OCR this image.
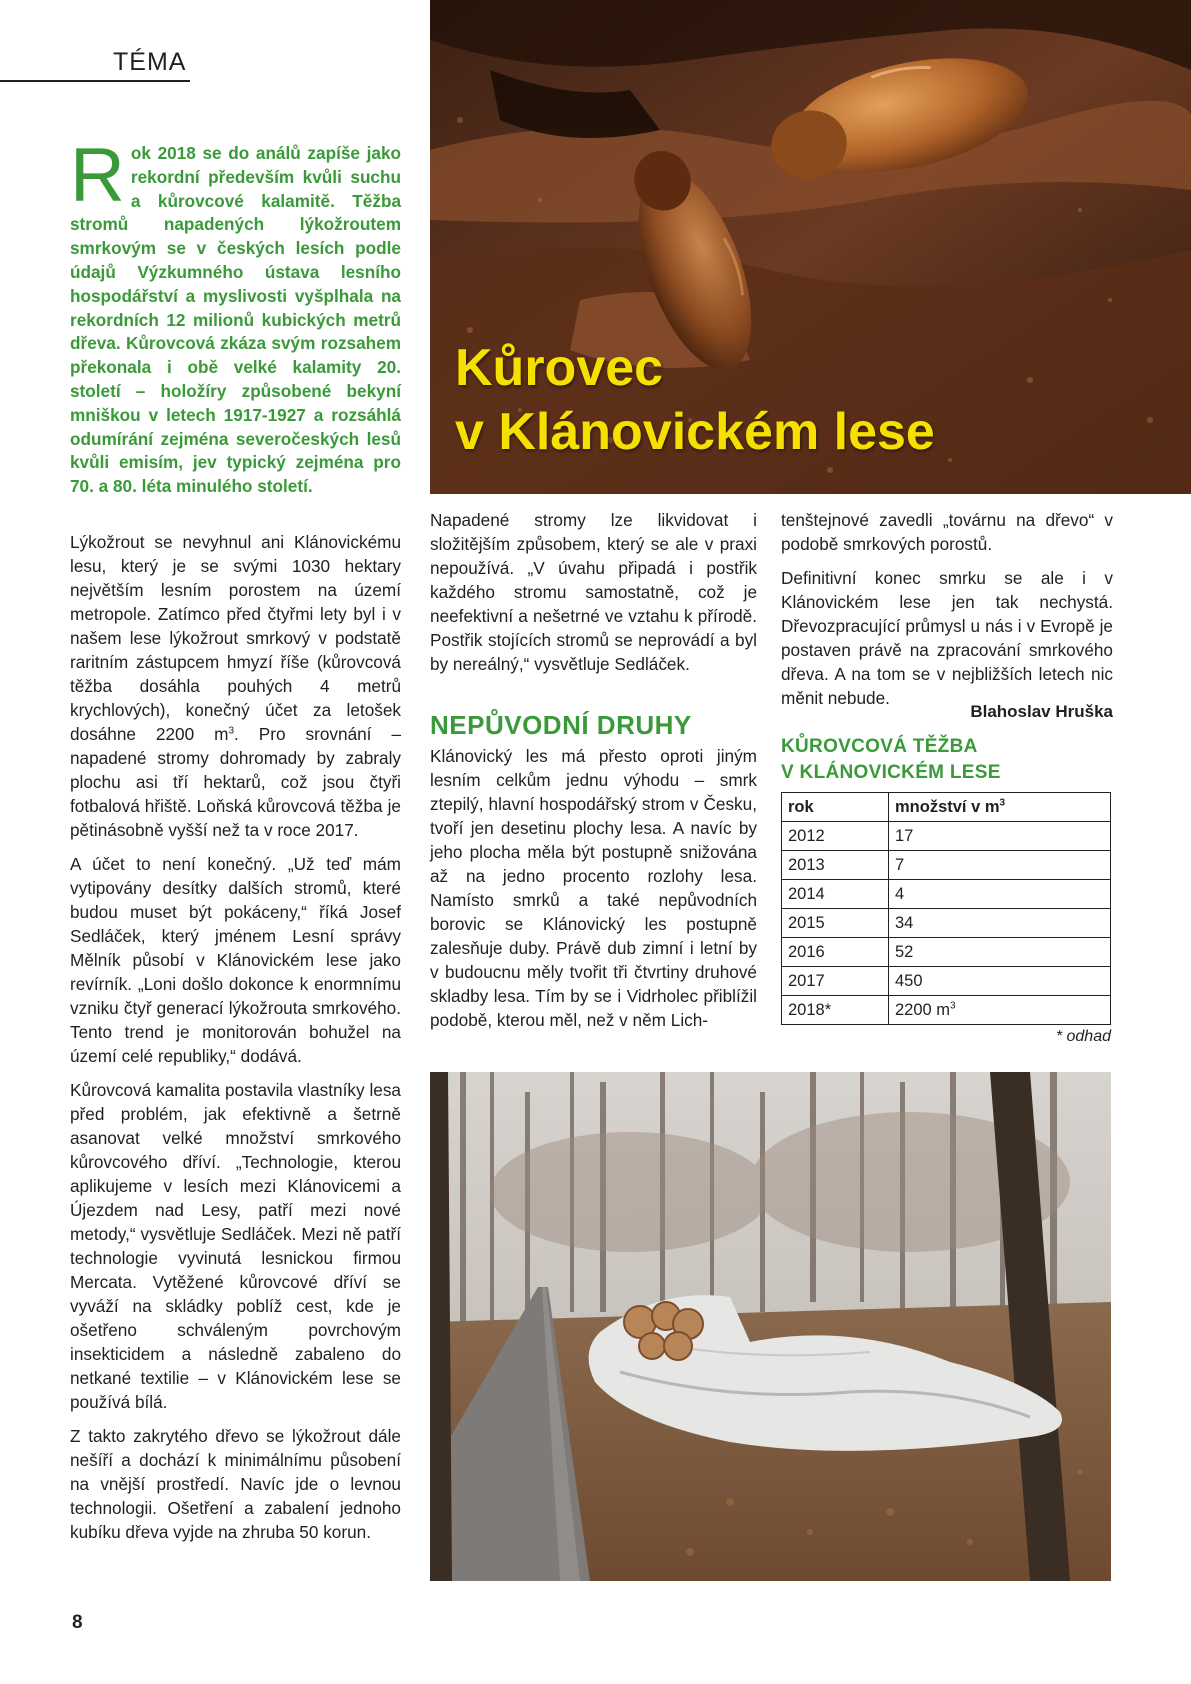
TÉMA
Kůrovec
v Klánovickém lese
Rok 2018 se do análů zapíše jako rekordní především kvůli suchu a kůrovcové kalamitě. Těžba stromů napadených lýkožroutem smrkovým se v českých lesích podle údajů Výzkumného ústava lesního hospodářství a myslivosti vyšplhala na rekordních 12 milionů kubických metrů dřeva. Kůrovcová zkáza svým rozsahem překonala i obě velké kalamity 20. století – holožíry způsobené bekyní mniškou v letech 1917-1927 a rozsáhlá odumírání zejména severočeských lesů kvůli emisím, jev typický zejména pro 70. a 80. léta minulého století.

Lýkožrout se nevyhnul ani Klánovickému lesu, který je se svými 1030 hektary největším lesním porostem na území metropole. Zatímco před čtyřmi lety byl i v našem lese lýkožrout smrkový v podstatě raritním zástupcem hmyzí říše (kůrovcová těžba dosáhla pouhých 4 metrů krychlových), konečný účet za letošek dosáhne 2200 $m^3$. Pro srovnání – napadené stromy dohromady by zabraly plochu asi tří hektarů, což jsou čtyři fotbalová hřiště. Loňská kůrovcová těžba je pětinásobně vyšší než ta v roce 2017.

A účet to není konečný. „Už teď mám vytipovány desítky dalších stromů, které budou muset být pokáceny,“ říká Josef Sedláček, který jménem Lesní správy Mělník působí v Klánovickém lese jako revírník. „Loni došlo dokonce k enormnímu vzniku čtyř generací lýkožrouta smrkového. Tento trend je monitorován bohužel na území celé republiky,“ dodává.

Kůrovcová kamalita postavila vlastníky lesa před problém, jak efektivně a šetrně asanovat velké množství smrkového kůrovcového dříví. „Technologie, kterou aplikujeme v lesích mezi Klánovicemi a Újezdem nad Lesy, patří mezi nové metody,“ vysvětluje Sedláček. Mezi ně patří technologie vyvinutá lesnickou firmou Mercata. Vytěžené kůrovcové dříví se vyváží na skládky poblíž cest, kde je ošetřeno schváleným povrchovým insekticidem a následně zabaleno do netkané textilie – v Klánovickém lese se používá bílá.

Z takto zakrytého dřevo se lýkožrout dále nešíří a dochází k minimálnímu působení na vnější prostředí. Navíc jde o levnou technologii. Ošetření a zabalení jednoho kubíku dřeva vyjde na zhruba 50 korun.

Napadené stromy lze likvidovat i složitějším způsobem, který se ale v praxi nepoužívá. „V úvahu připadá i postřik každého stromu samostatně, což je neefektivní a nešetrné ve vztahu k přírodě. Postřik stojících stromů se neprovádí a byl by nereálný,“ vysvětluje Sedláček.

NEPŮVODNÍ DRUHY

Klánovický les má přesto oproti jiným lesním celkům jednu výhodu – smrk ztepilý, hlavní hospodářský strom v Česku, tvoří jen desetinu plochy lesa. A navíc by jeho plocha měla být postupně snižována až na jedno procento rozlohy lesa. Namísto smrků a také nepůvodních borovic se Klánovický les postupně zalesňuje duby. Právě dub zimní i letní by v budoucnu měly tvořit tři čtvrtiny druhové skladby lesa. Tím by se i Vidrholec přiblížil podobě, kterou měl, než v něm Lich-

tenštejnové zavedli „továrnu na dřevo“ v podobě smrkových porostů.

Definitivní konec smrku se ale i v Klánovickém lese jen tak nechystá. Dřevozpracující průmysl u nás i v Evropě je postaven právě na zpracování smrkového dřeva. A na tom se v nejbližších letech nic měnit nebude.

Blahoslav Hruška
KŮROVCOVÁ TĚŽBA
V KLÁNOVICKÉM LESE
rok	množství v $m^3$
2012	17
2013	7
2014	4
2015	34
2016	52
2017	450
2018*	2200 $m^3$
* odhad
8
